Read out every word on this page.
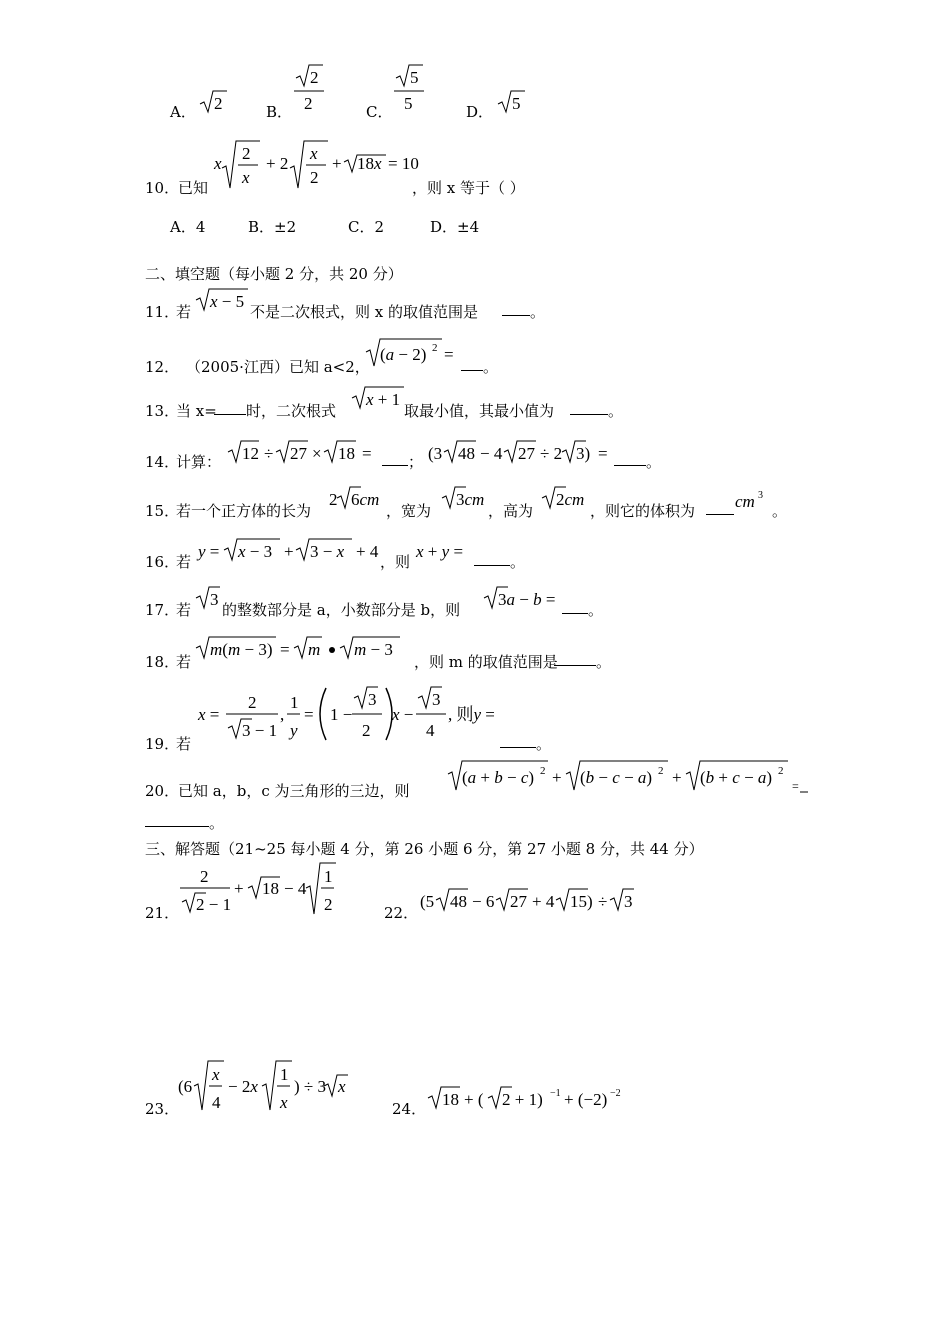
A． 2	B．
2
2	C．
5
5	D． 5
10．
已知
x
2
x
+ 2
x
2
+ 18x = 10
，则 x 等于（ ）
A．4	B．±2	C．2	D．±4
二、填空题（每小题 2 分，共 20 分）
11．
若
x − 5
不是二次根式，则 x 的取值范围是	。
12． （2005·江西）已知 a<2，
(a − 2) 2 =
。
13．
当 x= 时，二次根式
x + 1
取最小值，其最小值为	。
14．
计算： 12 ÷ 27 × 18 = ； (3 48 − 4 27 ÷ 2 3) =	。
15．
若一个正方体的长为
2 6cm
，宽为
3cm
，高为
2cm
，则它的体积为 cm 3
。
16．
若
y = x − 3 + 3 − x + 4
，则
x + y =
。
17．
若
3
的整数部分是 a，小数部分是 b，则
3a − b =
。
18．
若
m(m − 3) = m m − 3
，则 m 的取值范围是	。
19．
若
x =
2
3 − 1
,
1
y
= 1 −
3
2
x −
3
4
, 则y =
。
20．
已知 a，b，c 为三角形的三边，则
(a + b − c) 2 + (b − c − a) 2 + (b + c − a) 2
=
。
三、解答题（21~25 每小题 4 分，第 26 小题 6 分，第 27 小题 8 分，共 44 分）
21．
2
2 − 1
+ 18 − 4
1
2	22．
(5 48 − 6 27 + 4 15) ÷ 3
23．
(6
x
4
− 2x
1
x
) ÷ 3 x
24． 18 + ( 2 + 1) −1 + (−2) −2
